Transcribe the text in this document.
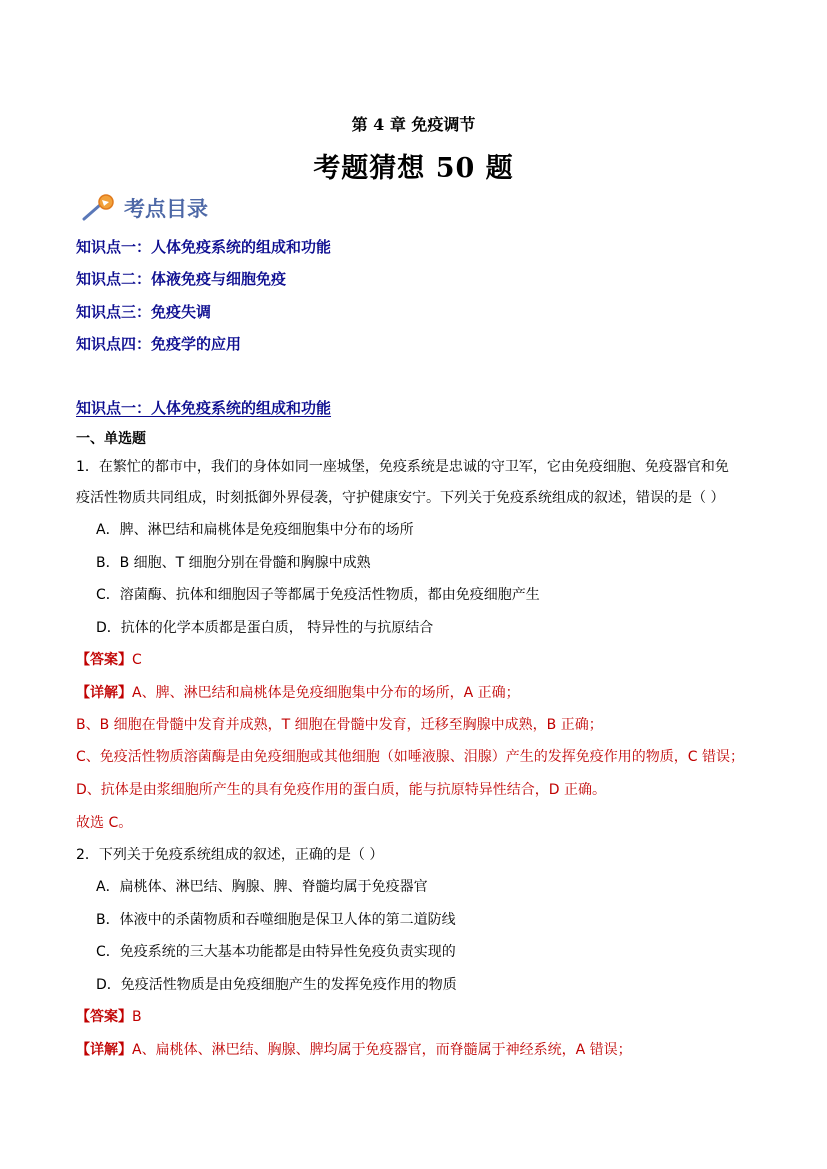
第 4 章 免疫调节
考题猜想 50 题
考点目录
知识点一：人体免疫系统的组成和功能
知识点二：体液免疫与细胞免疫
知识点三：免疫失调
知识点四：免疫学的应用
知识点一：人体免疫系统的组成和功能
一、单选题
1．在繁忙的都市中，我们的身体如同一座城堡，免疫系统是忠诚的守卫军，它由免疫细胞、免疫器官和免
疫活性物质共同组成，时刻抵御外界侵袭，守护健康安宁。下列关于免疫系统组成的叙述，错误的是（ ）
A．脾、淋巴结和扁桃体是免疫细胞集中分布的场所
B．B 细胞、T 细胞分别在骨髓和胸腺中成熟
C．溶菌酶、抗体和细胞因子等都属于免疫活性物质，都由免疫细胞产生
D．抗体的化学本质都是蛋白质， 特异性的与抗原结合
【答案】C
【详解】A、脾、淋巴结和扁桃体是免疫细胞集中分布的场所，A 正确；
B、B 细胞在骨髓中发育并成熟，T 细胞在骨髓中发育，迁移至胸腺中成熟，B 正确；
C、免疫活性物质溶菌酶是由免疫细胞或其他细胞（如唾液腺、泪腺）产生的发挥免疫作用的物质，C 错误；
D、抗体是由浆细胞所产生的具有免疫作用的蛋白质，能与抗原特异性结合，D 正确。
故选 C。
2．下列关于免疫系统组成的叙述，正确的是（ ）
A．扁桃体、淋巴结、胸腺、脾、脊髓均属于免疫器官
B．体液中的杀菌物质和吞噬细胞是保卫人体的第二道防线
C．免疫系统的三大基本功能都是由特异性免疫负责实现的
D．免疫活性物质是由免疫细胞产生的发挥免疫作用的物质
【答案】B
【详解】A、扁桃体、淋巴结、胸腺、脾均属于免疫器官，而脊髓属于神经系统，A 错误；
